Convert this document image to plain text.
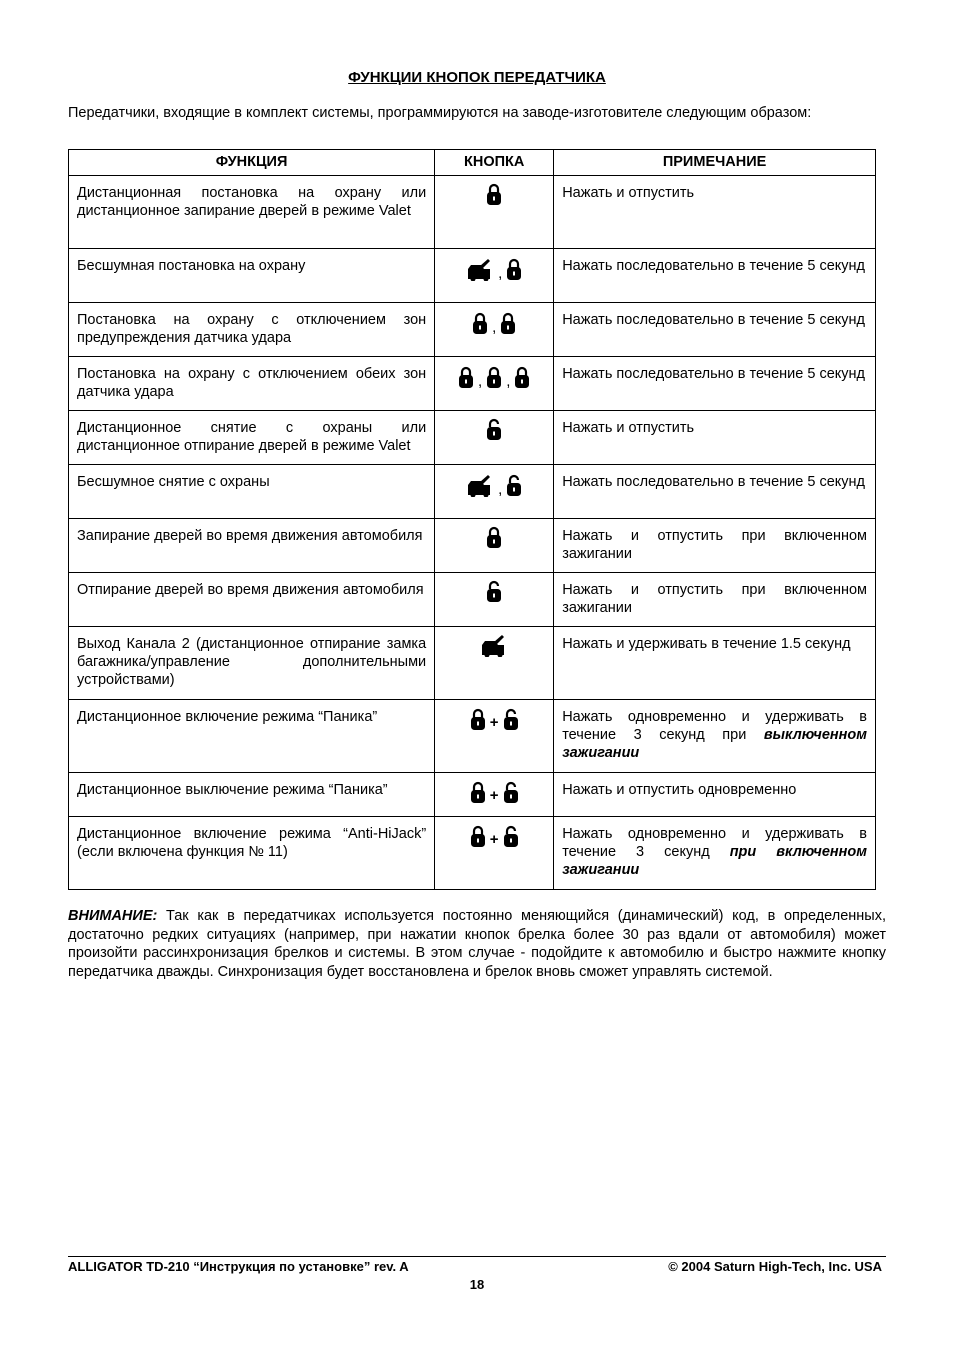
ФУНКЦИИ КНОПОК ПЕРЕДАТЧИКА
Передатчики, входящие в комплект системы, программируются на заводе-изготовителе следующим образом:
ФУНКЦИЯ	КНОПКА	ПРИМЕЧАНИЕ
Дистанционная постановка на охрану или дистанционное запирание дверей в режиме Valet		Нажать и отпустить

Бесшумная постановка на охрану	,	Нажать последовательно в течение 5 секунд

Постановка на охрану с отключением зон предупреждения датчика удара	,	Нажать последовательно в течение 5 секунд

Постановка на охрану с отключением обеих зон датчика удара	, ,	Нажать последовательно в течение 5 секунд

Дистанционное снятие с охраны или дистанционное отпирание дверей в режиме Valet		Нажать и отпустить

Бесшумное снятие с охраны	,	Нажать последовательно в течение 5 секунд

Запирание дверей во время движения автомобиля		Нажать и отпустить при включенном зажигании

Отпирание дверей во время движения автомобиля		Нажать и отпустить при включенном зажигании

Выход Канала 2 (дистанционное отпирание замка багажника/управление дополнительными устройствами)		Нажать и удерживать в течение 1.5 секунд

Дистанционное включение режима “Паника”	+	Нажать одновременно и удерживать в течение 3 секунд при выключенном зажигании
Дистанционное выключение режима “Паника”	+	Нажать и отпустить одновременно

Дистанционное включение режима “Anti-HiJack” (если включена функция № 11)	+	Нажать одновременно и удерживать в течение 3 секунд при включенном зажигании
ВНИМАНИЕ: Так как в передатчиках используется постоянно меняющийся (динамический) код, в определенных, достаточно редких ситуациях (например, при нажатии кнопок брелка более 30 раз вдали от автомобиля) может произойти рассинхронизация брелков и системы. В этом случае - подойдите к автомобилю и быстро нажмите кнопку передатчика дважды. Синхронизация будет восстановлена и брелок вновь сможет управлять системой.
ALLIGATOR TD-210 “Инструкция по установке” rev. A	© 2004 Saturn High-Tech, Inc. USA
18
